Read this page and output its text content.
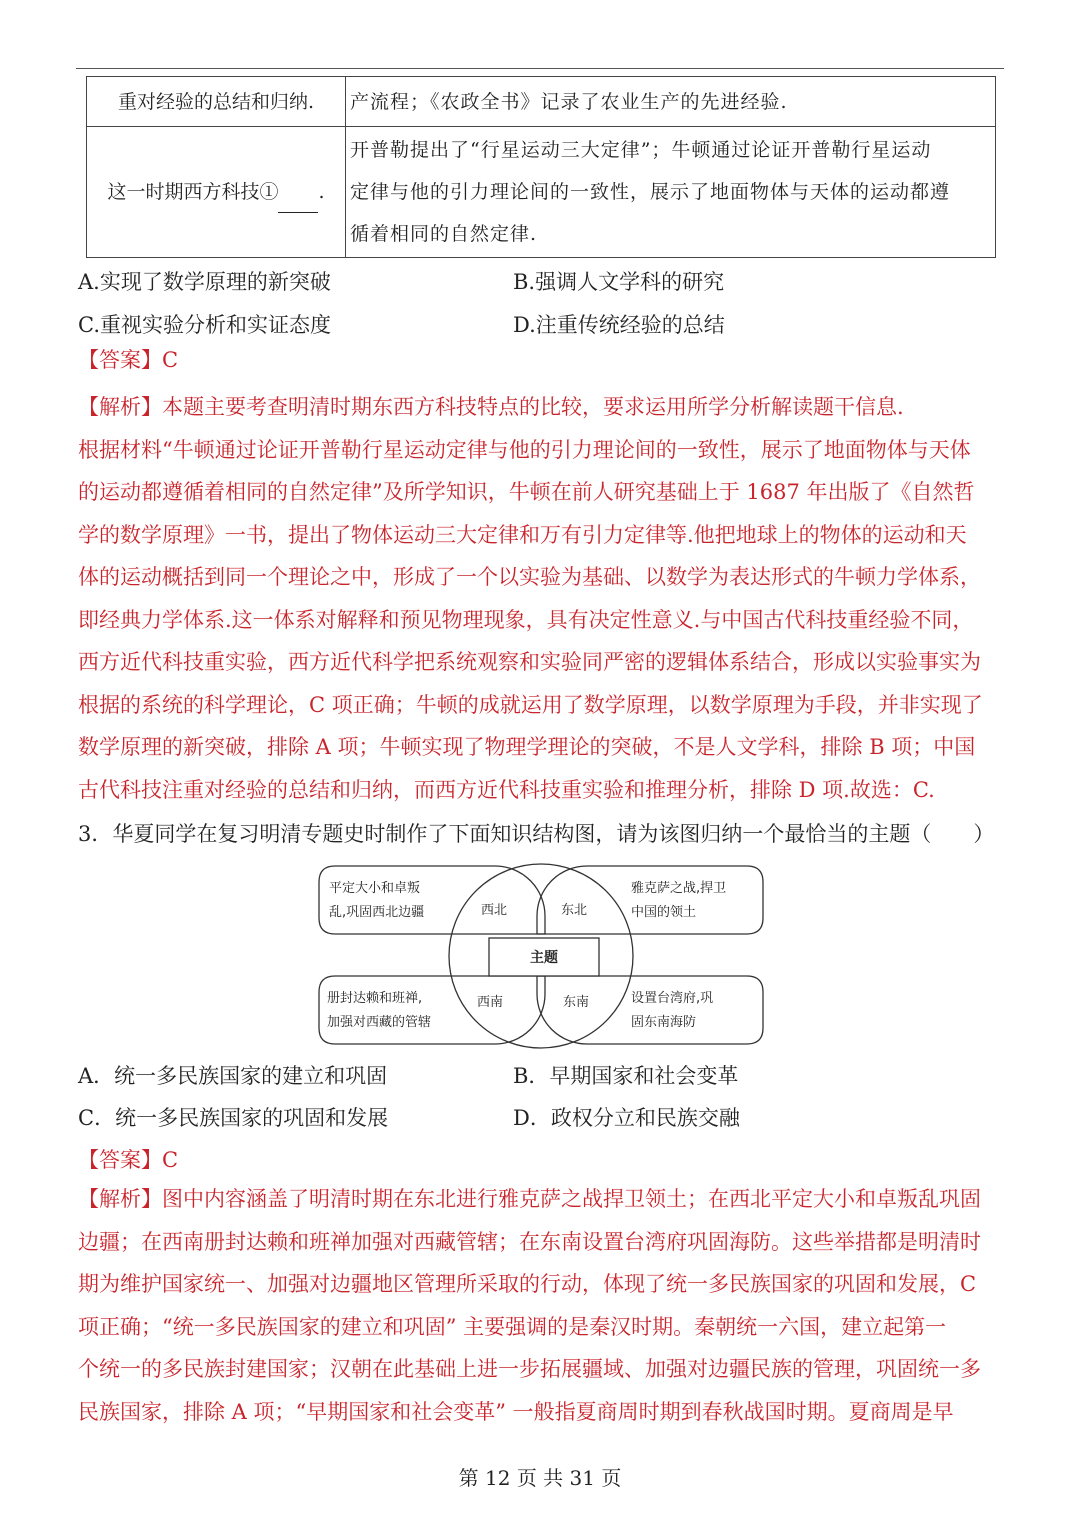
重对经验的总结和归纳.	产流程；《农政全书》记录了农业生产的先进经验.
这一时期西方科技① .	开普勒提出了“行星运动三大定律”；牛顿通过论证开普勒行星运动
定律与他的引力理论间的一致性，展示了地面物体与天体的运动都遵
循着相同的自然定律.
A.实现了数学原理的新突破	B.强调人文学科的研究
C.重视实验分析和实证态度	D.注重传统经验的总结
【答案】C
【解析】本题主要考查明清时期东西方科技特点的比较，要求运用所学分析解读题干信息.
根据材料“牛顿通过论证开普勒行星运动定律与他的引力理论间的一致性，展示了地面物体与天体
的运动都遵循着相同的自然定律”及所学知识，牛顿在前人研究基础上于 1687 年出版了《自然哲
学的数学原理》一书，提出了物体运动三大定律和万有引力定律等.他把地球上的物体的运动和天
体的运动概括到同一个理论之中，形成了一个以实验为基础、以数学为表达形式的牛顿力学体系，
即经典力学体系.这一体系对解释和预见物理现象，具有决定性意义.与中国古代科技重经验不同，
西方近代科技重实验，西方近代科学把系统观察和实验同严密的逻辑体系结合，形成以实验事实为
根据的系统的科学理论，C 项正确；牛顿的成就运用了数学原理，以数学原理为手段，并非实现了
数学原理的新突破，排除 A 项；牛顿实现了物理学理论的突破，不是人文学科，排除 B 项；中国
古代科技注重对经验的总结和归纳，而西方近代科技重实验和推理分析，排除 D 项.故选：C.
3．华夏同学在复习明清专题史时制作了下面知识结构图，请为该图归纳一个最恰当的主题（　　）
主题
平定大小和卓叛
乱,巩固西北边疆	西北
雅克萨之战,捍卫
中国的领土
东北
册封达赖和班禅,
加强对西藏的管辖
西南	设置台湾府,巩
固东南海防
东南
A．统一多民族国家的建立和巩固	B．早期国家和社会变革
C．统一多民族国家的巩固和发展	D．政权分立和民族交融
【答案】C
【解析】图中内容涵盖了明清时期在东北进行雅克萨之战捍卫领土；在西北平定大小和卓叛乱巩固
边疆；在西南册封达赖和班禅加强对西藏管辖；在东南设置台湾府巩固海防。这些举措都是明清时
期为维护国家统一、加强对边疆地区管理所采取的行动，体现了统一多民族国家的巩固和发展，C
项正确；“统一多民族国家的建立和巩固” 主要强调的是秦汉时期。秦朝统一六国，建立起第一
个统一的多民族封建国家；汉朝在此基础上进一步拓展疆域、加强对边疆民族的管理，巩固统一多
民族国家，排除 A 项；“早期国家和社会变革” 一般指夏商周时期到春秋战国时期。夏商周是早
第 12 页 共 31 页
